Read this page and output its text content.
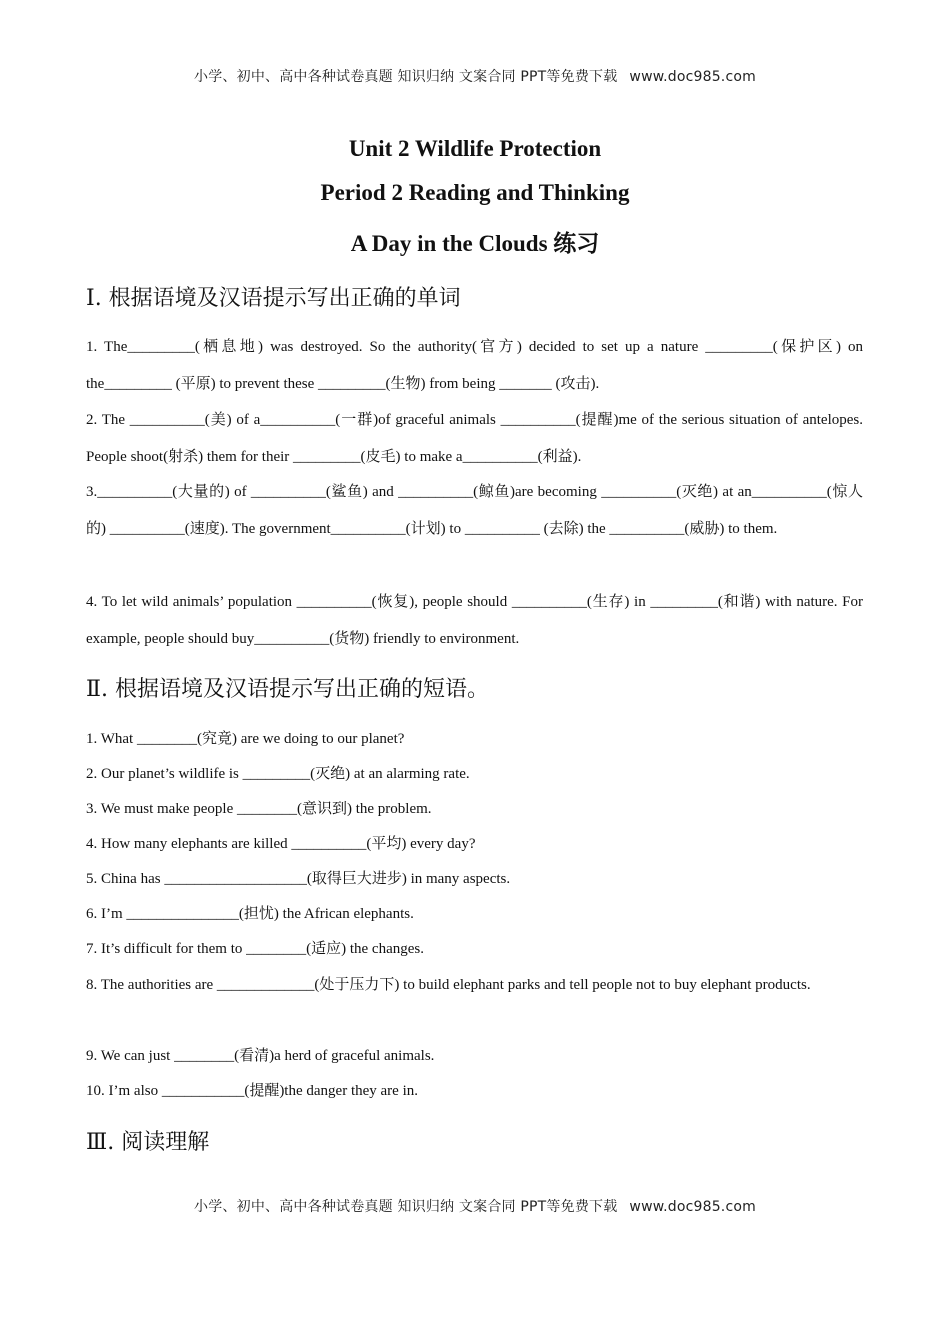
小学、初中、高中各种试卷真题 知识归纳 文案合同 PPT等免费下载 www.doc985.com
Unit 2 Wildlife Protection
Period 2 Reading and Thinking
A Day in the Clouds 练习
Ⅰ. 根据语境及汉语提示写出正确的单词

1. The_________(栖息地) was destroyed. So the authority(官方) decided to set up a nature _________(保护区) on the_________ (平原) to prevent these _________(生物) from being _______ (攻击).

2. The __________(美) of a__________(一群)of graceful animals __________(提醒)me of the serious situation of antelopes. People shoot(射杀) them for their _________(皮毛) to make a__________(利益).

3.__________(大量的) of __________(鲨鱼) and __________(鲸鱼)are becoming __________(灭绝) at an__________(惊人的) __________(速度). The government__________(计划) to __________ (去除) the __________(威胁) to them.

4. To let wild animals’ population __________(恢复), people should __________(生存) in _________(和谐) with nature. For example, people should buy__________(货物) friendly to environment.

Ⅱ. 根据语境及汉语提示写出正确的短语。

1. What ________(究竟) are we doing to our planet?

2. Our planet’s wildlife is _________(灭绝) at an alarming rate.

3. We must make people ________(意识到) the problem.

4. How many elephants are killed __________(平均) every day?

5. China has ___________________(取得巨大进步) in many aspects.

6. I’m _______________(担忧) the African elephants.

7. It’s difficult for them to ________(适应) the changes.

8. The authorities are _____________(处于压力下) to build elephant parks and tell people not to buy elephant products.

9. We can just ________(看清)a herd of graceful animals.

10. I’m also ___________(提醒)the danger they are in.

Ⅲ. 阅读理解
小学、初中、高中各种试卷真题 知识归纳 文案合同 PPT等免费下载 www.doc985.com
